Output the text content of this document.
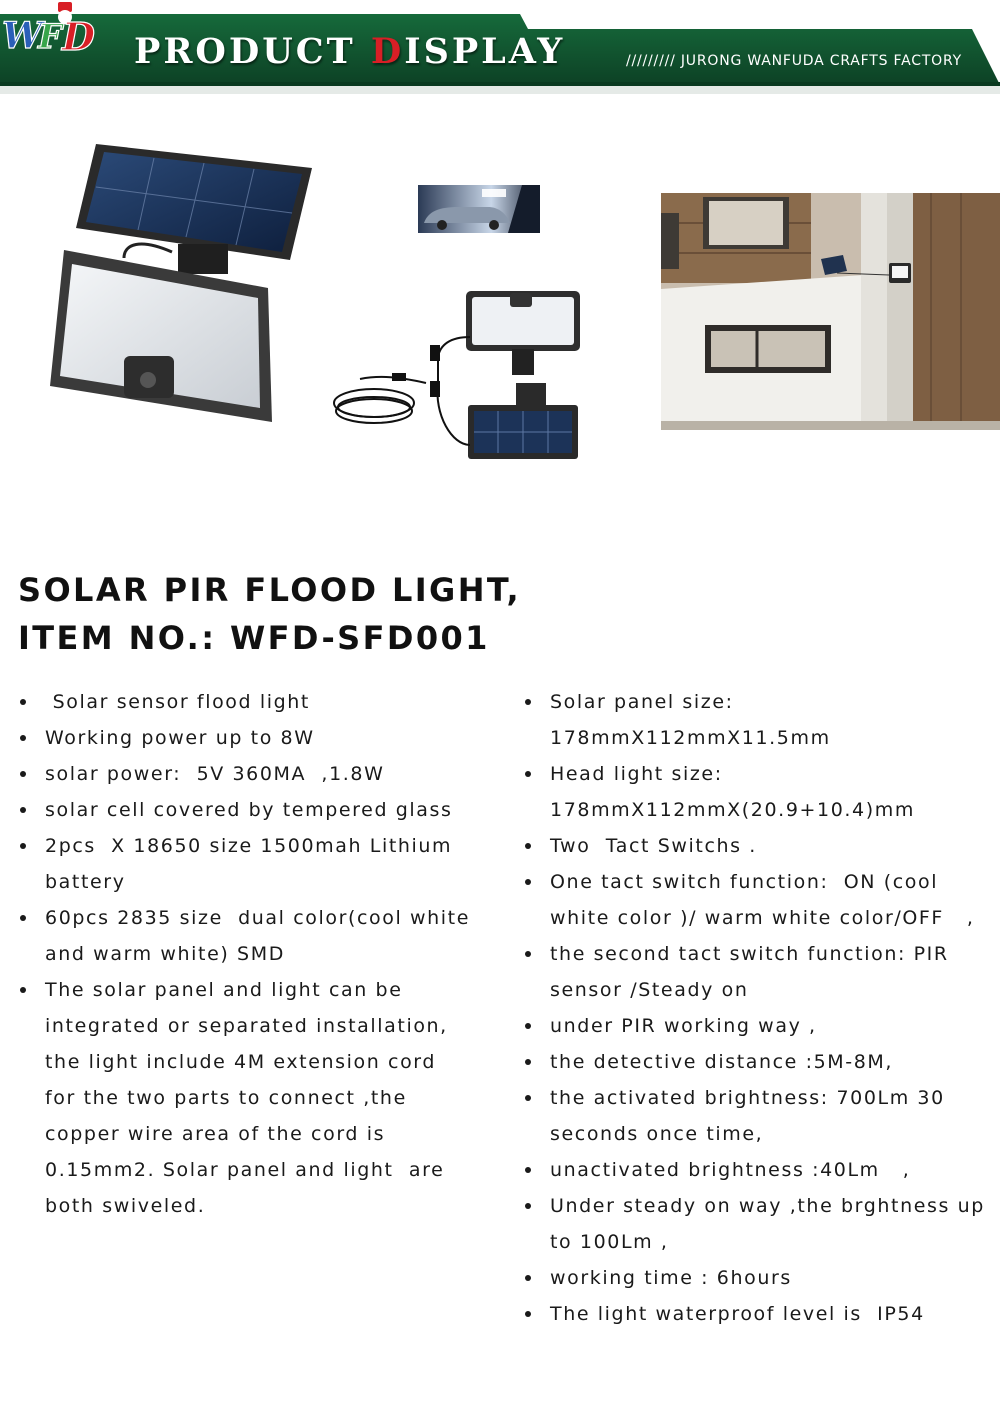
W
F D PRODUCT DISPLAY	///////// JURONG WANFUDA CRAFTS FACTORY
SOLAR PIR FLOOD LIGHT,
ITEM NO.: WFD-SFD001
Solar sensor flood light
Working power up to 8W
solar power:  5V 360MA  ,1.8W
solar cell covered by tempered glass
2pcs  X 18650 size 1500mah Lithium battery
60pcs 2835 size  dual color(cool white and warm white) SMD
The solar panel and light can be integrated or separated installation, the light include 4M extension cord for the two parts to connect ,the copper wire area of the cord is 0.15mm2. Solar panel and light  are both swiveled.
Solar panel size: 178mmX112mmX11.5mm
Head light size: 178mmX112mmX(20.9+10.4)mm
Two  Tact Switchs .
One tact switch function:  ON (cool white color )/ warm white color/OFF   ,
the second tact switch function: PIR sensor /Steady on
under PIR working way ,
the detective distance :5M-8M,
the activated brightness: 700Lm 30 seconds once time,
unactivated brightness :40Lm   ,
Under steady on way ,the brghtness up to 100Lm ,
working time : 6hours
The light waterproof level is  IP54
